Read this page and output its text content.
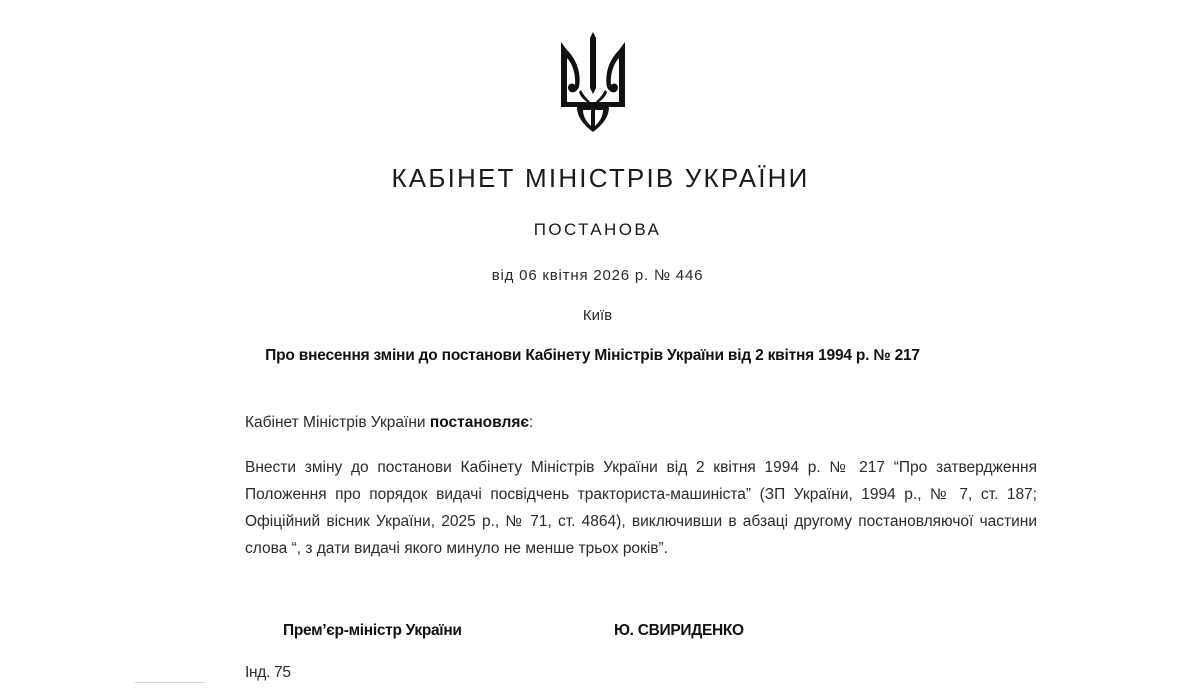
КАБІНЕТ МІНІСТРІВ УКРАЇНИ
ПОСТАНОВА
від 06 квітня 2026 р. № 446
Київ
Про внесення зміни до постанови Кабінету Міністрів України від 2 квітня 1994 р. № 217
Кабінет Міністрів України постановляє:
Внести зміну до постанови Кабінету Міністрів України від 2 квітня 1994 р. № 217 “Про затвердження Положення про порядок видачі посвідчень тракториста-машиніста” (ЗП України, 1994 р., № 7, ст. 187; Офіційний вісник України, 2025 р., № 71, ст. 4864), виключивши в абзаці другому постановляючої частини слова “, з дати видачі якого минуло не менше трьох років”.
Прем’єр-міністр України	Ю. СВИРИДЕНКО
Інд. 75
